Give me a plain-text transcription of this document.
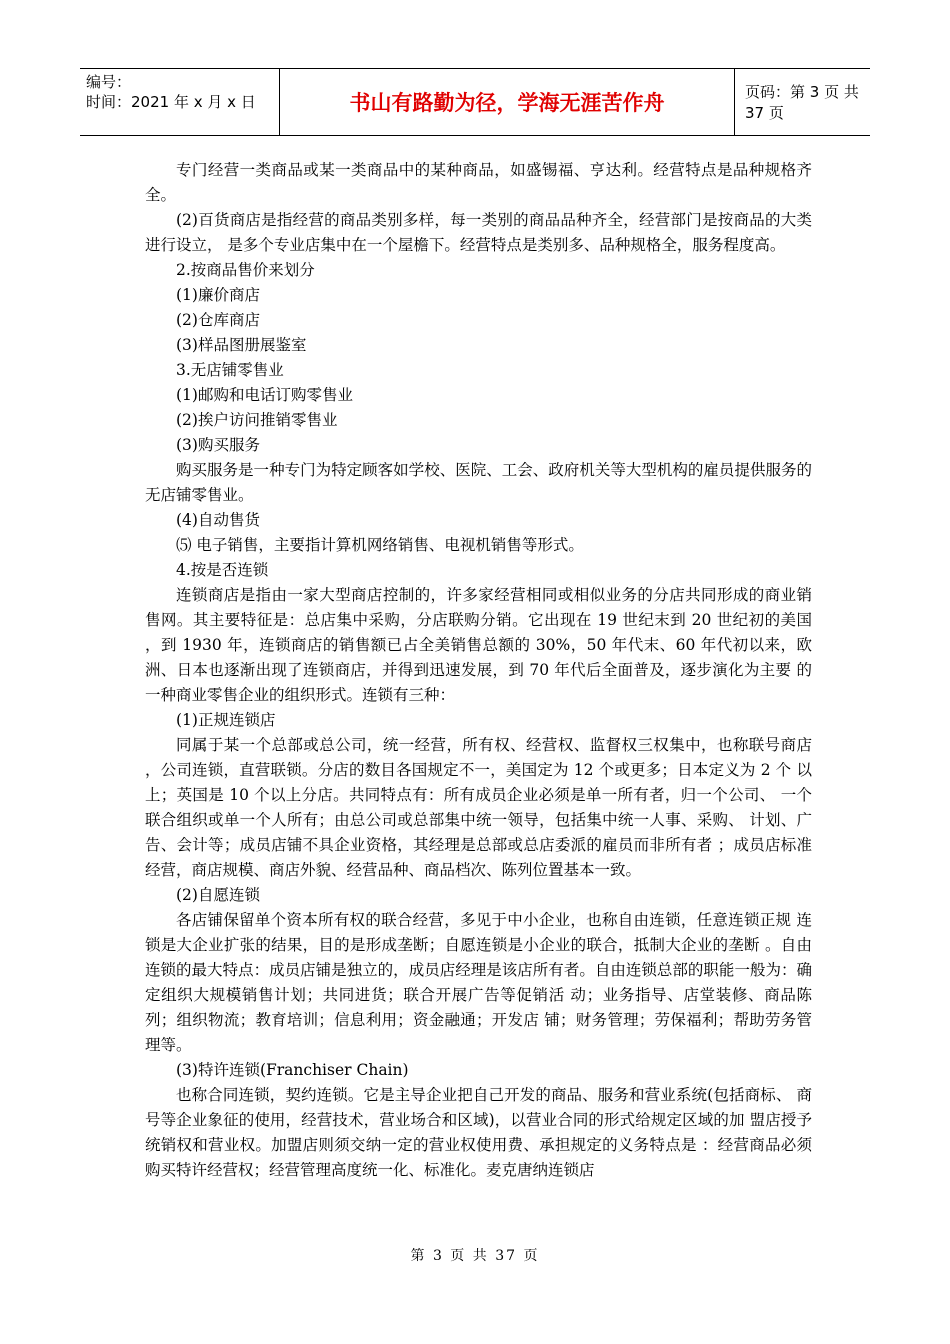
编号：
时间：2021 年 x 月 x 日	书山有路勤为径，学海无涯苦作舟	页码：第 3 页 共 37 页

专门经营一类商品或某一类商品中的某种商品，如盛锡福、亨达利。经营特点是品种规格齐全。

(2)百货商店是指经营的商品类别多样，每一类别的商品品种齐全，经营部门是按商品的大类进行设立， 是多个专业店集中在一个屋檐下。经营特点是类别多、品种规格全，服务程度高。

2.按商品售价来划分

(1)廉价商店

(2)仓库商店

(3)样品图册展鉴室

3.无店铺零售业

(1)邮购和电话订购零售业

(2)挨户访问推销零售业

(3)购买服务

购买服务是一种专门为特定顾客如学校、医院、工会、政府机关等大型机构的雇员提供服务的无店铺零售业。

(4)自动售货

⑸ 电子销售，主要指计算机网络销售、电视机销售等形式。

4.按是否连锁

连锁商店是指由一家大型商店控制的，许多家经营相同或相似业务的分店共同形成的商业销 售网。其主要特征是：总店集中采购，分店联购分销。它出现在 19 世纪末到 20 世纪初的美国 ，到 1930 年，连锁商店的销售额已占全美销售总额的 30%，50 年代末、60 年代初以来，欧 洲、日本也逐渐出现了连锁商店，并得到迅速发展，到 70 年代后全面普及，逐步演化为主要 的一种商业零售企业的组织形式。连锁有三种：

(1)正规连锁店

同属于某一个总部或总公司，统一经营，所有权、经营权、监督权三权集中，也称联号商店 ，公司连锁，直营联锁。分店的数目各国规定不一，美国定为 12 个或更多；日本定义为 2 个 以上；英国是 10 个以上分店。共同特点有：所有成员企业必须是单一所有者，归一个公司、 一个联合组织或单一个人所有；由总公司或总部集中统一领导，包括集中统一人事、采购、 计划、广告、会计等；成员店铺不具企业资格，其经理是总部或总店委派的雇员而非所有者 ；成员店标准经营，商店规模、商店外貌、经营品种、商品档次、陈列位置基本一致。

(2)自愿连锁

各店铺保留单个资本所有权的联合经营，多见于中小企业，也称自由连锁，任意连锁正规 连锁是大企业扩张的结果，目的是形成垄断；自愿连锁是小企业的联合，抵制大企业的垄断 。自由连锁的最大特点：成员店铺是独立的，成员店经理是该店所有者。自由连锁总部的职能一般为：确定组织大规模销售计划；共同进货；联合开展广告等促销活 动；业务指导、店堂装修、商品陈列；组织物流；教育培训；信息利用；资金融通；开发店 铺；财务管理；劳保福利；帮助劳务管理等。

(3)特许连锁(Franchiser Chain)

也称合同连锁，契约连锁。它是主导企业把自己开发的商品、服务和营业系统(包括商标、 商号等企业象征的使用，经营技术，营业场合和区域)，以营业合同的形式给规定区域的加 盟店授予统销权和营业权。加盟店则须交纳一定的营业权使用费、承担规定的义务特点是 ：经营商品必须购买特许经营权；经营管理高度统一化、标准化。麦克唐纳连锁店

第 3 页 共 37 页
